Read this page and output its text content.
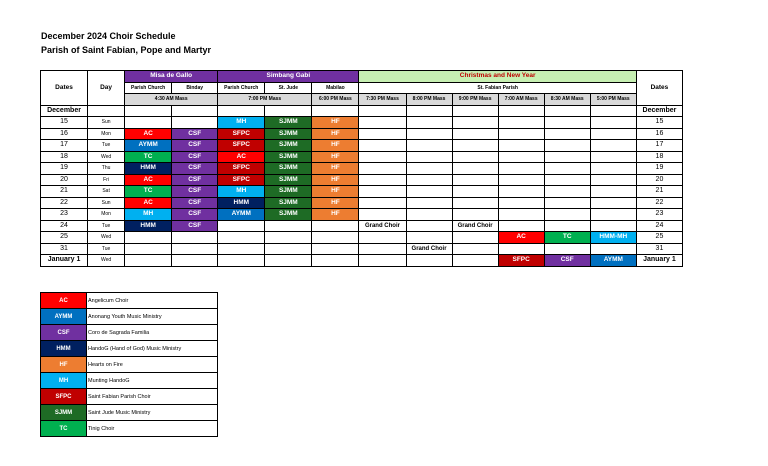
December 2024 Choir Schedule
Parish of Saint Fabian, Pope and Martyr
Dates	Day	Misa de Gallo		Simbang Gabi			Christmas and New Year						Dates
		Parish Church	Binday	Parish Church	St. Jude	Mabilao	St. Fabian Parish						
		4:30 AM Mass		7:00 PM Mass		6:00 PM Mass	7:30 PM Mass	8:00 PM Mass	9:00 PM Mass	7:00 AM Mass	8:30 AM Mass	5:00 PM Mass	
December													December
15	Sun			MH	SJMM	HF							15
16	Mon	AC	CSF	SFPC	SJMM	HF							16
17	Tue	AYMM	CSF	SFPC	SJMM	HF							17
18	Wed	TC	CSF	AC	SJMM	HF							18
19	Thu	HMM	CSF	SFPC	SJMM	HF							19
20	Fri	AC	CSF	SFPC	SJMM	HF							20
21	Sat	TC	CSF	MH	SJMM	HF							21
22	Sun	AC	CSF	HMM	SJMM	HF							22
23	Mon	MH	CSF	AYMM	SJMM	HF							23
24	Tue	HMM	CSF				Grand Choir		Grand Choir				24
25	Wed									AC	TC	HMM-MH	25
31	Tue							Grand Choir					31
January 1	Wed									SFPC	CSF	AYMM	January 1
AC	Angelicum Choir
AYMM	Anonang Youth Music Ministry
CSF	Coro de Sagrada Familia
HMM	HandoG (Hand of God) Music Ministry
HF	Hearts on Fire
MH	Munting HandoG
SFPC	Saint Fabian Parish Choir
SJMM	Saint Jude Music Ministry
TC	Tinig Choir
